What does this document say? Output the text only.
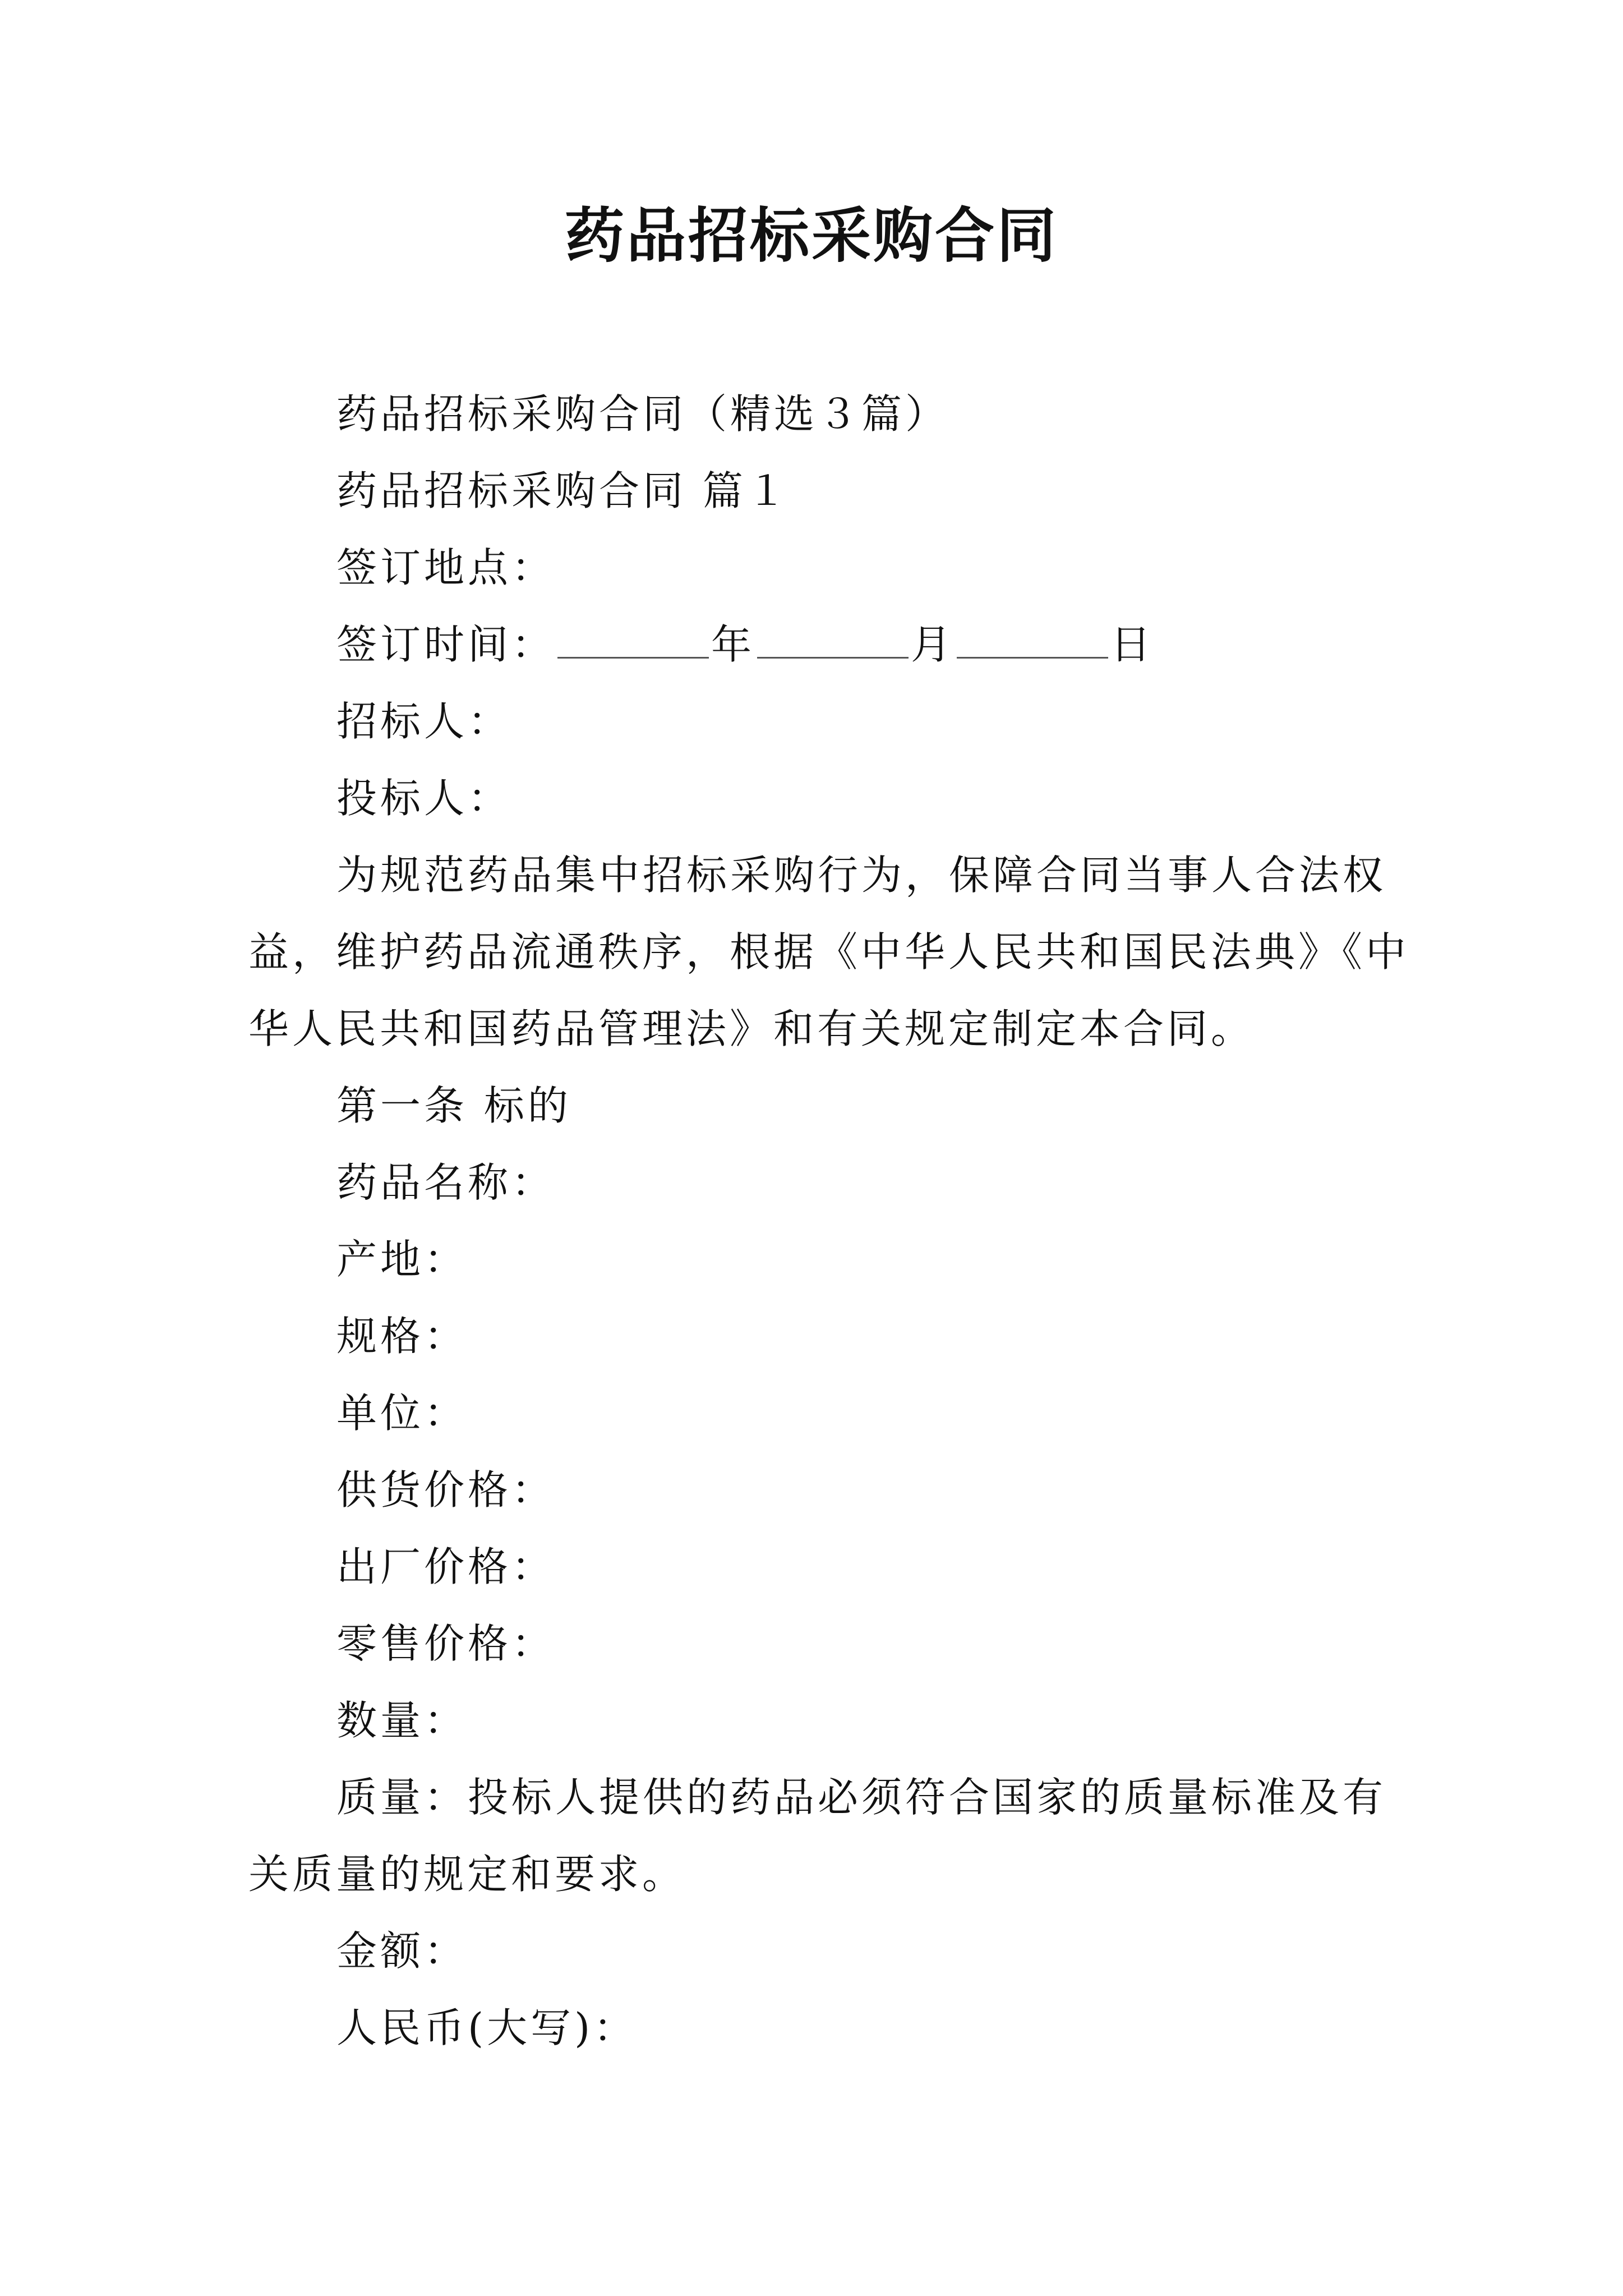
药品招标采购合同
药品招标采购合同（精选３篇）
药品招标采购合同 篇１
签订地点：
签订时间：	年	月	日
招标人：
投标人：
为规范药品集中招标采购行为，保障合同当事人合法权
益，维护药品流通秩序，根据《中华人民共和国民法典》《中
华人民共和国药品管理法》和有关规定制定本合同。
第一条 标的
药品名称：
产地：
规格：
单位：
供货价格：
出厂价格：
零售价格：
数量：
质量：投标人提供的药品必须符合国家的质量标准及有
关质量的规定和要求。
金额：
人民币(大写)：
